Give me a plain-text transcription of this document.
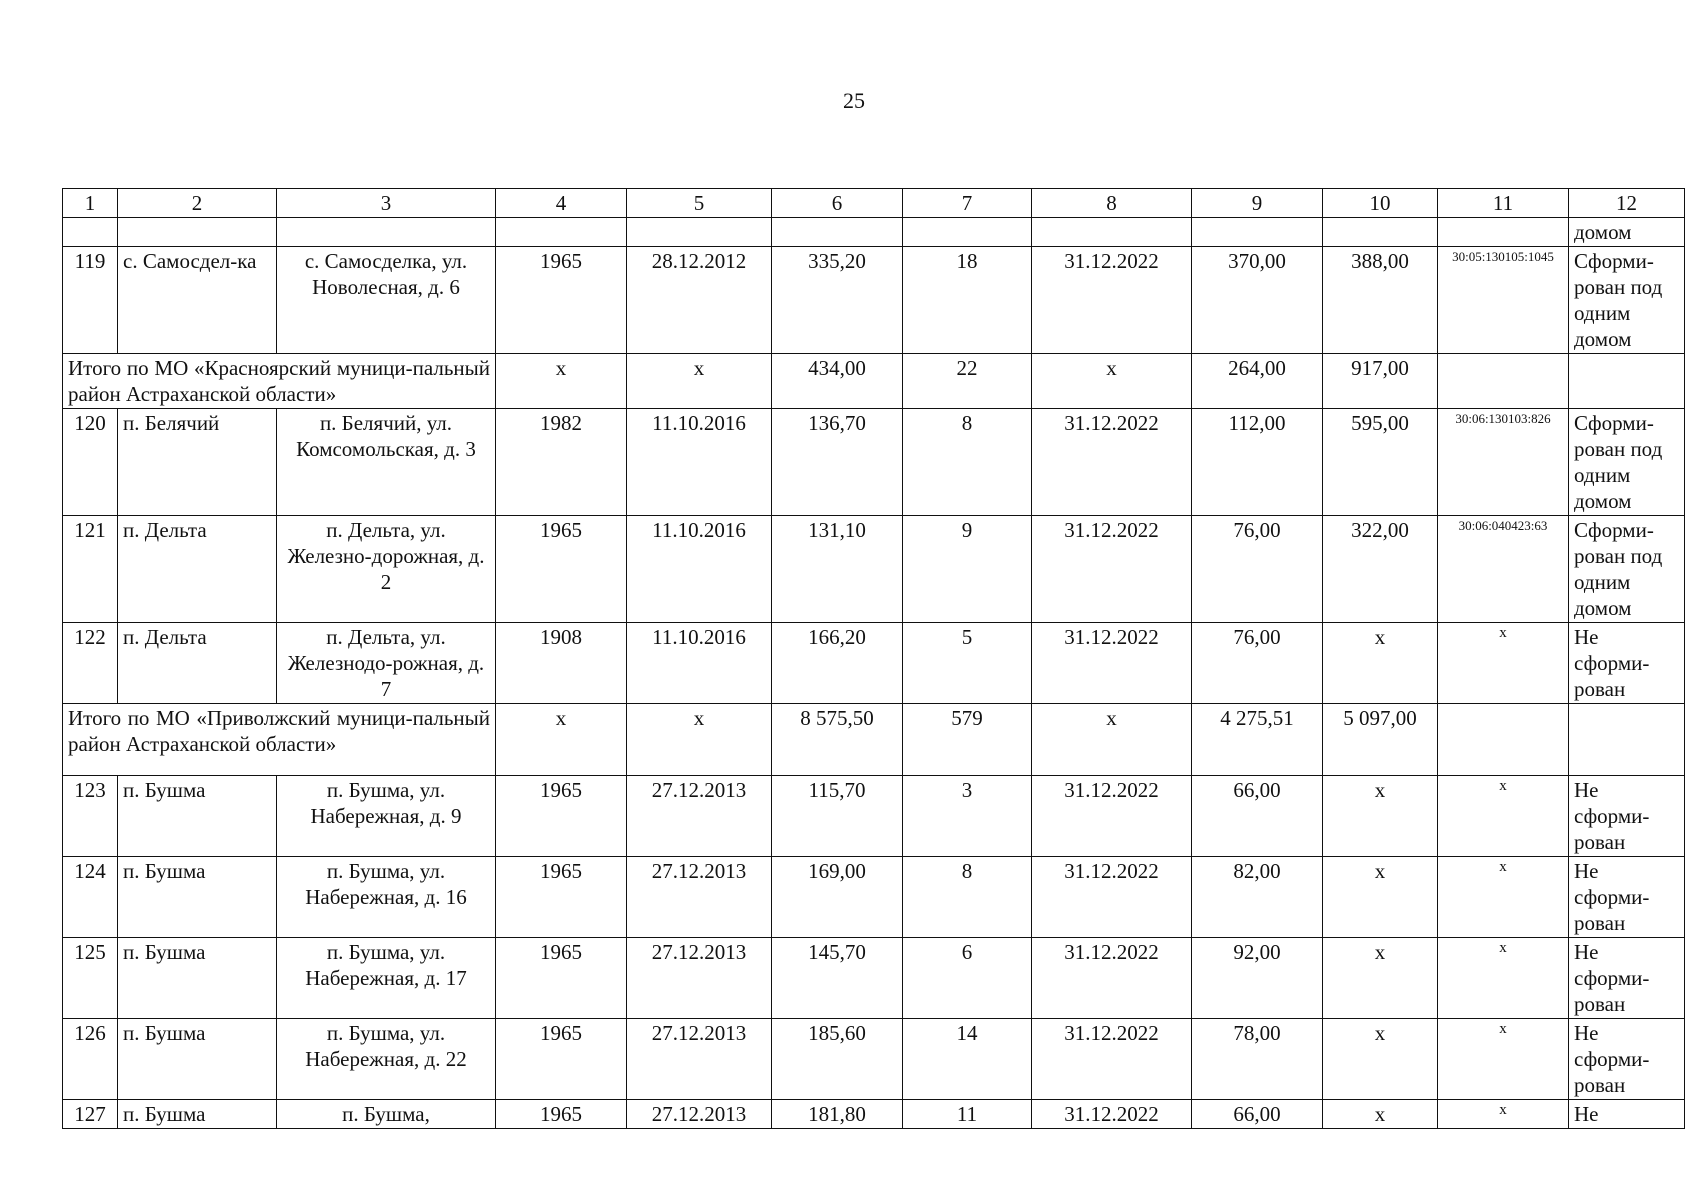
25
1	2	3	4	5	6	7	8	9	10	11	12
											домом
119	с. Самосдел-ка	с. Самосделка, ул. Новолесная, д. 6	1965	28.12.2012	335,20	18	31.12.2022	370,00	388,00	30:05:130105:1045	Сформи-рован под одним домом
Итого по МО «Красноярский муници-пальный район Астраханской области»			х	х	434,00	22	х	264,00	917,00		
120	п. Белячий	п. Белячий, ул. Комсомольская, д. 3	1982	11.10.2016	136,70	8	31.12.2022	112,00	595,00	30:06:130103:826	Сформи-рован под одним домом
121	п. Дельта	п. Дельта, ул. Железно-дорожная, д. 2	1965	11.10.2016	131,10	9	31.12.2022	76,00	322,00	30:06:040423:63	Сформи-рован под одним домом
122	п. Дельта	п. Дельта, ул. Железнодо-рожная, д. 7	1908	11.10.2016	166,20	5	31.12.2022	76,00	х	х	Не сформи-рован
Итого по МО «Приволжский муници-пальный район Астраханской области»			х	х	8 575,50	579	х	4 275,51	5 097,00		
123	п. Бушма	п. Бушма, ул. Набережная, д. 9	1965	27.12.2013	115,70	3	31.12.2022	66,00	х	х	Не сформи-рован
124	п. Бушма	п. Бушма, ул. Набережная, д. 16	1965	27.12.2013	169,00	8	31.12.2022	82,00	х	х	Не сформи-рован
125	п. Бушма	п. Бушма, ул. Набережная, д. 17	1965	27.12.2013	145,70	6	31.12.2022	92,00	х	х	Не сформи-рован
126	п. Бушма	п. Бушма, ул. Набережная, д. 22	1965	27.12.2013	185,60	14	31.12.2022	78,00	х	х	Не сформи-рован
127	п. Бушма	п. Бушма,	1965	27.12.2013	181,80	11	31.12.2022	66,00	х	х	Не
